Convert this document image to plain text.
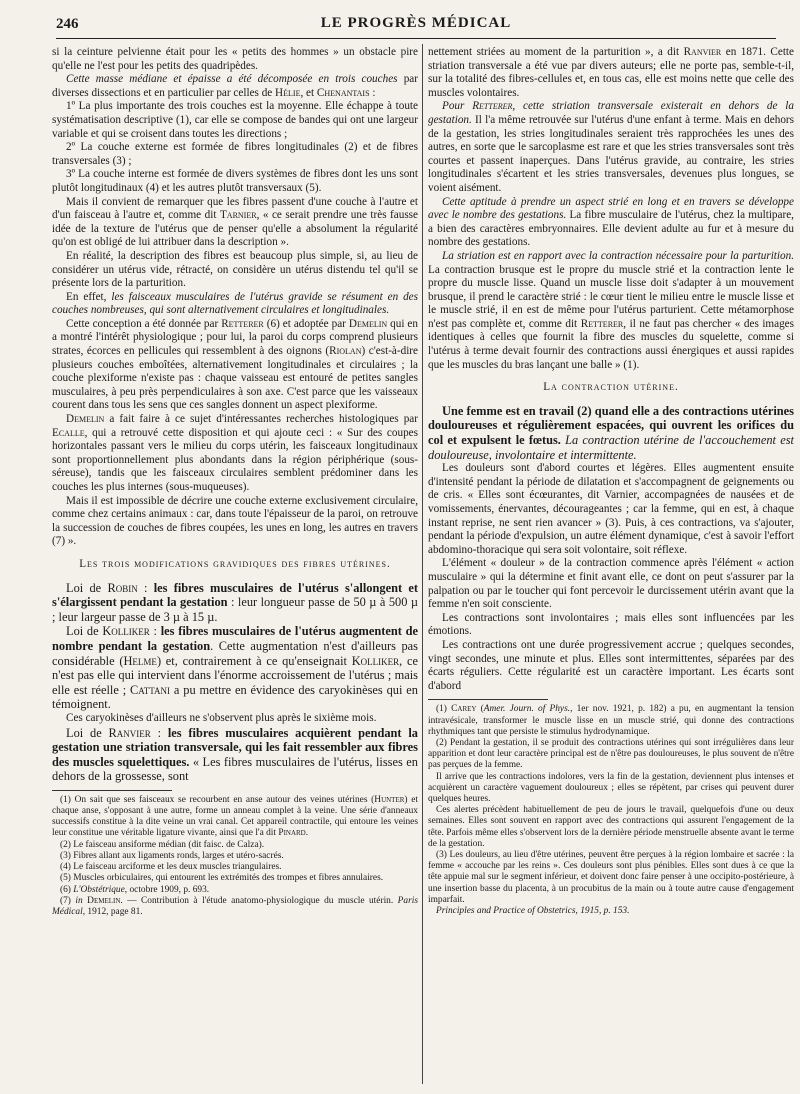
246	LE PROGRÈS MÉDICAL

si la ceinture pelvienne était pour les « petits des hommes » un obstacle pire qu'elle ne l'est pour les petits des quadripèdes.

Cette masse médiane et épaisse a été décomposée en trois couches par diverses dissections et en particulier par celles de Hélie, et Chenantais :

1º La plus importante des trois couches est la moyenne. Elle échappe à toute systématisation descriptive (1), car elle se compose de bandes qui ont une largeur variable et qui se croisent dans toutes les directions ;

2º La couche externe est formée de fibres longitudinales (2) et de fibres transversales (3) ;

3º La couche interne est formée de divers systèmes de fibres dont les uns sont plutôt longitudinaux (4) et les autres plutôt transversaux (5).

Mais il convient de remarquer que les fibres passent d'une couche à l'autre et d'un faisceau à l'autre et, comme dit Tarnier, « ce serait prendre une très fausse idée de la texture de l'utérus que de penser qu'elle a absolument la régularité qu'on est obligé de lui attribuer dans la description ».

En réalité, la description des fibres est beaucoup plus simple, si, au lieu de considérer un utérus vide, rétracté, on considère un utérus distendu tel qu'il se présente lors de la parturition.

En effet, les faisceaux musculaires de l'utérus gravide se résument en des couches nombreuses, qui sont alternativement circulaires et longitudinales.

Cette conception a été donnée par Retterer (6) et adoptée par Demelin qui en a montré l'intérêt physiologique ; pour lui, la paroi du corps comprend plusieurs strates, écorces en pellicules qui ressemblent à des oignons (Riolan) c'est-à-dire plusieurs couches emboîtées, alternativement longitudinales et circulaires ; la couche plexiforme n'existe pas : chaque vaisseau est entouré de petites sangles musculaires, à peu près perpendiculaires à son axe. C'est parce que les vaisseaux courent dans tous les sens que ces sangles donnent un aspect plexiforme.

Demelin a fait faire à ce sujet d'intéressantes recherches histologiques par Ecalle, qui a retrouvé cette disposition et qui ajoute ceci : « Sur des coupes horizontales passant vers le milieu du corps utérin, les faisceaux longitudinaux sont proportionnellement plus abondants dans la région périphérique (sous-séreuse), tandis que les faisceaux circulaires semblent prédominer dans les couches les plus internes (sous-muqueuses).

Mais il est impossible de décrire une couche externe exclusivement circulaire, comme chez certains animaux : car, dans toute l'épaisseur de la paroi, on retrouve la succession de couches de fibres coupées, les unes en long, les autres en travers (7) ».

Les trois modifications gravidiques des fibres utérines.

Loi de Robin : les fibres musculaires de l'utérus s'allongent et s'élargissent pendant la gestation : leur longueur passe de 50 µ à 500 µ ; leur largeur passe de 3 µ à 15 µ.

Loi de Kolliker : les fibres musculaires de l'utérus augmentent de nombre pendant la gestation. Cette augmentation n'est d'ailleurs pas considérable (Helme) et, contrairement à ce qu'enseignait Kolliker, ce n'est pas elle qui intervient dans l'énorme accroissement de l'utérus ; mais elle est réelle ; Cattani a pu mettre en évidence des caryokinèses qui en témoignent.

Ces caryokinèses d'ailleurs ne s'observent plus après le sixième mois.

Loi de Ranvier : les fibres musculaires acquièrent pendant la gestation une striation transversale, qui les fait ressembler aux fibres des muscles squelettiques. « Les fibres musculaires de l'utérus, lisses en dehors de la grossesse, sont

(1) On sait que ses faisceaux se recourbent en anse autour des veines utérines (Hunter) et chaque anse, s'opposant à une autre, forme un anneau complet à la veine. Une série d'anneaux successifs constitue à la dite veine un vrai canal. Cet appareil contractile, qui entoure les veines leur constitue une véritable ligature vivante, ainsi que l'a dit Pinard.

(2) Le faisceau ansiforme médian (dit faisc. de Calza).

(3) Fibres allant aux ligaments ronds, larges et utéro-sacrés.

(4) Le faisceau arciforme et les deux muscles triangulaires.

(5) Muscles orbiculaires, qui entourent les extrémités des trompes et fibres annulaires.

(6) L'Obstétrique, octobre 1909, p. 693.

(7) in Demelin. — Contribution à l'étude anatomo-physiologique du muscle utérin. Paris Médical, 1912, page 81.

nettement striées au moment de la parturition », a dit Ranvier en 1871. Cette striation transversale a été vue par divers auteurs; elle ne porte pas, semble-t-il, sur la totalité des fibres-cellules et, en tous cas, elle est moins nette que celle des muscles volontaires.

Pour Retterer, cette striation transversale existerait en dehors de la gestation. Il l'a même retrouvée sur l'utérus d'une enfant à terme. Mais en dehors de la gestation, les stries longitudinales seraient très rapprochées les unes des autres, en sorte que le sarcoplasme est rare et que les stries transversales sont très courtes et passent inaperçues. Dans l'utérus gravide, au contraire, les stries longitudinales s'écartent et les stries transversales, devenues plus longues, se voient aisément.

Cette aptitude à prendre un aspect strié en long et en travers se développe avec le nombre des gestations. La fibre musculaire de l'utérus, chez la multipare, a bien des caractères embryonnaires. Elle devient adulte au fur et à mesure du nombre des gestations.

La striation est en rapport avec la contraction nécessaire pour la parturition. La contraction brusque est le propre du muscle strié et la contraction lente le propre du muscle lisse. Quand un muscle lisse doit s'adapter à un mouvement brusque, il prend le caractère strié : le cœur tient le milieu entre le muscle lisse et le muscle strié, il en est de même pour l'utérus parturient. Cette métamorphose n'est pas complète et, comme dit Retterer, il ne faut pas chercher « des images identiques à celles que fournit la fibre des muscles du squelette, comme si l'utérus à terme devait fournir des contractions aussi énergiques et aussi rapides que les muscles du bras lançant une balle » (1).

La contraction utérine.

Une femme est en travail (2) quand elle a des contractions utérines douloureuses et régulièrement espacées, qui ouvrent les orifices du col et expulsent le fœtus. La contraction utérine de l'accouchement est douloureuse, involontaire et intermittente.

Les douleurs sont d'abord courtes et légères. Elles augmentent ensuite d'intensité pendant la période de dilatation et s'accompagnent de geignements ou de cris. « Elles sont écœurantes, dit Varnier, accompagnées de nausées et de vomissements, énervantes, décourageantes ; car la femme, qui en est, à chaque instant reprise, ne sent rien avancer » (3). Puis, à ces contractions, va s'ajouter, pendant la période d'expulsion, un autre élément dynamique, c'est à savoir l'effort abdomino-thoracique qui sera soit volontaire, soit réflexe.

L'élément « douleur » de la contraction commence après l'élément « action musculaire » qui la détermine et finit avant elle, ce dont on peut s'assurer par la palpation ou par le toucher qui font percevoir le durcissement utérin avant que la femme n'en soit consciente.

Les contractions sont involontaires ; mais elles sont influencées par les émotions.

Les contractions ont une durée progressivement accrue ; quelques secondes, vingt secondes, une minute et plus. Elles sont intermittentes, séparées par des écarts réguliers. Cette régularité est un caractère important. Les écarts sont d'abord

(1) Carey (Amer. Journ. of Phys., 1er nov. 1921, p. 182) a pu, en augmentant la tension intravésicale, transformer le muscle lisse en un muscle strié, qui donne des contractions rhythmiques tant que persiste le stimulus hydrodynamique.

(2) Pendant la gestation, il se produit des contractions utérines qui sont irrégulières dans leur apparition et dont leur caractère principal est de n'être pas douloureuses, le plus souvent de n'être pas perçues de la femme.

Il arrive que les contractions indolores, vers la fin de la gestation, deviennent plus intenses et acquièrent un caractère vaguement douloureux ; elles se répètent, par crises qui peuvent durer quelques heures.

Ces alertes précèdent habituellement de peu de jours le travail, quelquefois d'une ou deux semaines. Elles sont souvent en rapport avec des contractions qui assurent l'engagement de la tête. Parfois même elles s'observent lors de la dernière période menstruelle absente avant le terme de la gestation.

(3) Les douleurs, au lieu d'être utérines, peuvent être perçues à la région lombaire et sacrée : la femme « accouche par les reins ». Ces douleurs sont plus pénibles. Elles sont dues à ce que la tête appuie mal sur le segment inférieur, et doivent donc faire penser à une occipito-postérieure, à une insertion basse du placenta, à un procubitus de la main ou à toute autre cause d'engagement imparfait.

Principles and Practice of Obstetrics, 1915, p. 153.
